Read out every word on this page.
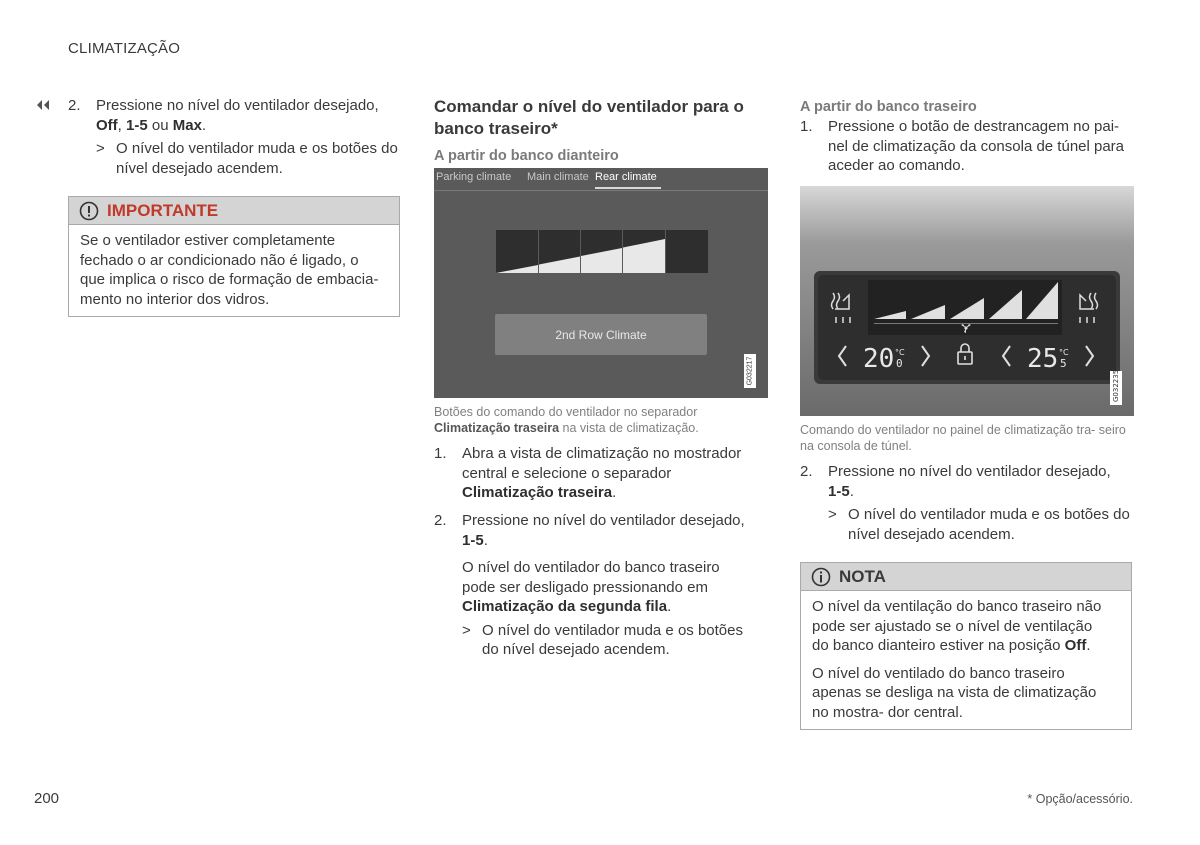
CLIMATIZAÇÃO
2. Pressione no nível do ventilador desejado,
Off, 1-5 ou Max.
> O nível do ventilador muda e os botões do nível desejado acendem.
IMPORTANTE
Se o ventilador estiver completamente fechado o ar condicionado não é ligado, o que implica o risco de formação de embacia- mento no interior dos vidros.
Comandar o nível do ventilador para o banco traseiro*
A partir do banco dianteiro
Parking climate Main climate Rear climate
2nd Row Climate
G032217
Botões do comando do ventilador no separador Climatização traseira na vista de climatização.
1. Abra a vista de climatização no mostrador central e selecione o separador Climatização traseira.
2. Pressione no nível do ventilador desejado,
1-5.
O nível do ventilador do banco traseiro pode ser desligado pressionando em Climatização da segunda fila.
> O nível do ventilador muda e os botões do nível desejado acendem.
A partir do banco traseiro
1. Pressione o botão de destrancagem no pai- nel de climatização da consola de túnel para aceder ao comando.
20 °C
0	25 °C
5
G032235
Comando do ventilador no painel de climatização tra- seiro na consola de túnel.
2. Pressione no nível do ventilador desejado,
1-5.
> O nível do ventilador muda e os botões do nível desejado acendem.
NOTA
O nível da ventilação do banco traseiro não pode ser ajustado se o nível de ventilação do banco dianteiro estiver na posição Off.
O nível do ventilado do banco traseiro apenas se desliga na vista de climatização no mostra- dor central.
200	* Opção/acessório.
